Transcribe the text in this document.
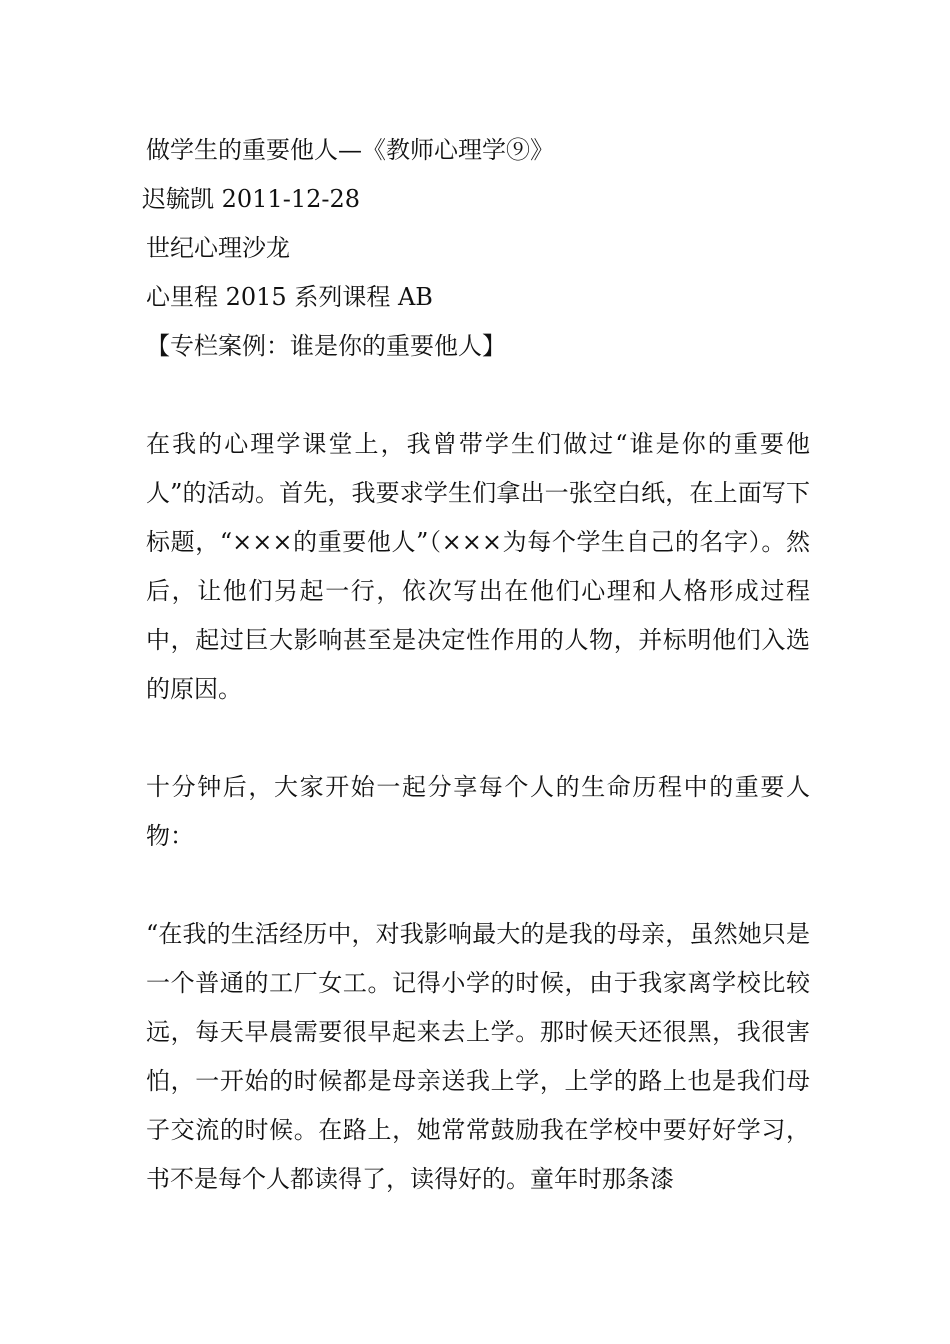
做学生的重要他人—《教师心理学⑨》

迟毓凯 2011-12-28

世纪心理沙龙

心里程 2015 系列课程 AB

【专栏案例：谁是你的重要他人】

在我的心理学课堂上，我曾带学生们做过“谁是你的重要他人”的活动。首先，我要求学生们拿出一张空白纸，在上面写下标题，“×××的重要他人”（×××为每个学生自己的名字）。然后，让他们另起一行，依次写出在他们心理和人格形成过程中，起过巨大影响甚至是决定性作用的人物，并标明他们入选的原因。

十分钟后，大家开始一起分享每个人的生命历程中的重要人物：

“在我的生活经历中，对我影响最大的是我的母亲，虽然她只是一个普通的工厂女工。记得小学的时候，由于我家离学校比较远，每天早晨需要很早起来去上学。那时候天还很黑，我很害怕，一开始的时候都是母亲送我上学，上学的路上也是我们母子交流的时候。在路上，她常常鼓励我在学校中要好好学习，书不是每个人都读得了，读得好的。童年时那条漆
